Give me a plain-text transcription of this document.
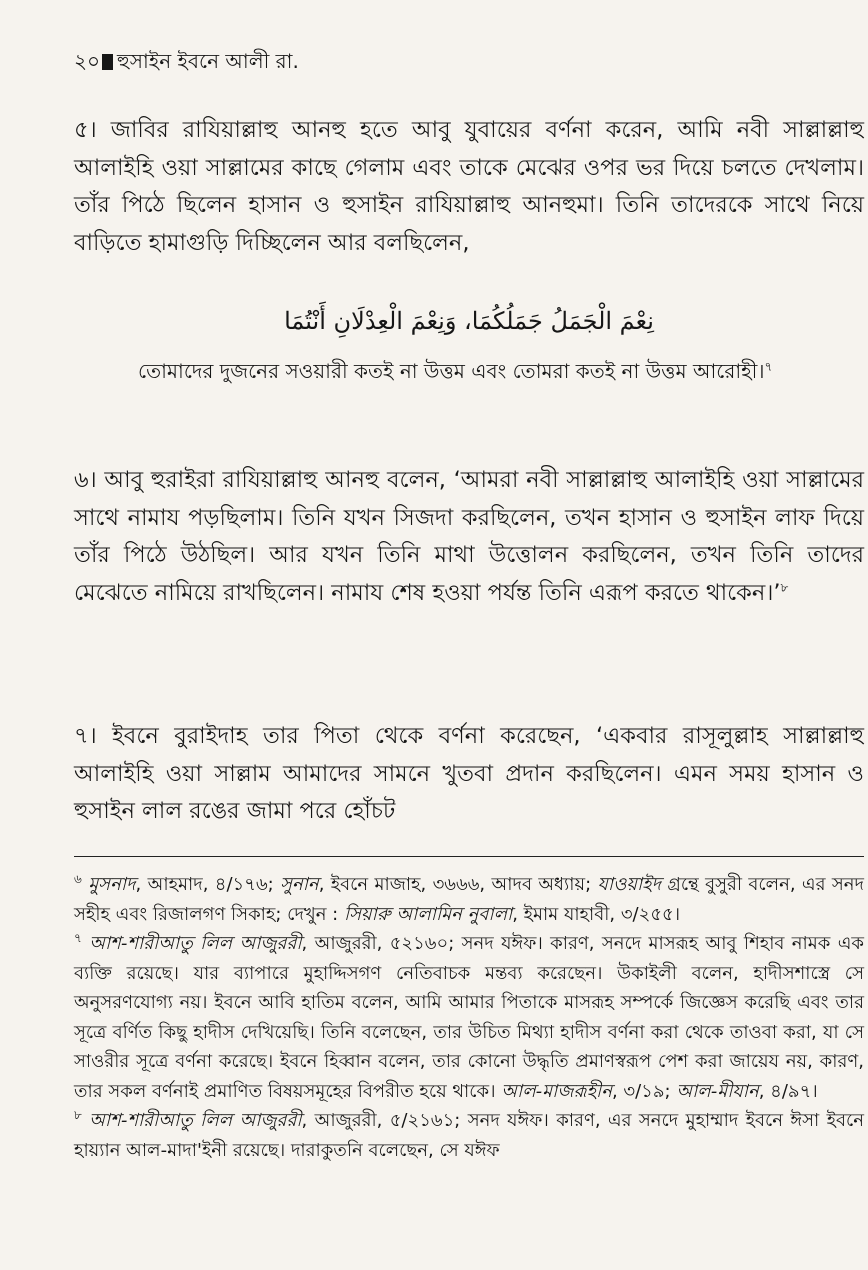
২০ হুসাইন ইবনে আলী রা.
৫। জাবির রাযিয়াল্লাহু আনহু হতে আবু যুবায়ের বর্ণনা করেন, আমি নবী সাল্লাল্লাহু আলাইহি ওয়া সাল্লামের কাছে গেলাম এবং তাকে মেঝের ওপর ভর দিয়ে চলতে দেখলাম। তাঁর পিঠে ছিলেন হাসান ও হুসাইন রাযিয়াল্লাহু আনহুমা। তিনি তাদেরকে সাথে নিয়ে বাড়িতে হামাগুড়ি দিচ্ছিলেন আর বলছিলেন,
نِعْمَ الْجَمَلُ جَمَلُكُمَا، وَنِعْمَ الْعِدْلَانِ أَنْتُمَا
তোমাদের দুজনের সওয়ারী কতই না উত্তম এবং তোমরা কতই না উত্তম আরোহী।$^৭$
৬। আবু হুরাইরা রাযিয়াল্লাহু আনহু বলেন, ‘আমরা নবী সাল্লাল্লাহু আলাইহি ওয়া সাল্লামের সাথে নামায পড়ছিলাম। তিনি যখন সিজদা করছিলেন, তখন হাসান ও হুসাইন লাফ দিয়ে তাঁর পিঠে উঠছিল। আর যখন তিনি মাথা উত্তোলন করছিলেন, তখন তিনি তাদের মেঝেতে নামিয়ে রাখছিলেন। নামায শেষ হওয়া পর্যন্ত তিনি এরূপ করতে থাকেন।’$^৮$
৭। ইবনে বুরাইদাহ তার পিতা থেকে বর্ণনা করেছেন, ‘একবার রাসূলুল্লাহ সাল্লাল্লাহু আলাইহি ওয়া সাল্লাম আমাদের সামনে খুতবা প্রদান করছিলেন। এমন সময় হাসান ও হুসাইন লাল রঙের জামা পরে হোঁচট

$^৬$ মুসনাদ, আহমাদ, ৪/১৭৬; সুনান, ইবনে মাজাহ, ৩৬৬৬, আদব অধ্যায়; যাওয়াইদ গ্রন্থে বুসুরী বলেন, এর সনদ সহীহ এবং রিজালগণ সিকাহ; দেখুন : সিয়ারু আলামিন নুবালা, ইমাম যাহাবী, ৩/২৫৫।

$^৭$ আশ-শারীআতু লিল আজুররী, আজুররী, ৫২১৬০; সনদ যঈফ। কারণ, সনদে মাসরূহ আবু শিহাব নামক এক ব্যক্তি রয়েছে। যার ব্যাপারে মুহাদ্দিসগণ নেতিবাচক মন্তব্য করেছেন। উকাইলী বলেন, হাদীসশাস্ত্রে সে অনুসরণযোগ্য নয়। ইবনে আবি হাতিম বলেন, আমি আমার পিতাকে মাসরূহ সম্পর্কে জিজ্ঞেস করেছি এবং তার সূত্রে বর্ণিত কিছু হাদীস দেখিয়েছি। তিনি বলেছেন, তার উচিত মিথ্যা হাদীস বর্ণনা করা থেকে তাওবা করা, যা সে সাওরীর সূত্রে বর্ণনা করেছে। ইবনে হিব্বান বলেন, তার কোনো উদ্ধৃতি প্রমাণস্বরূপ পেশ করা জায়েয নয়, কারণ, তার সকল বর্ণনাই প্রমাণিত বিষয়সমূহের বিপরীত হয়ে থাকে। আল-মাজরূহীন, ৩/১৯; আল-মীযান, ৪/৯৭।

$^৮$ আশ-শারীআতু লিল আজুররী, আজুররী, ৫/২১৬১; সনদ যঈফ। কারণ, এর সনদে মুহাম্মাদ ইবনে ঈসা ইবনে হায়্যান আল-মাদা'ইনী রয়েছে। দারাকুতনি বলেছেন, সে যঈফ
